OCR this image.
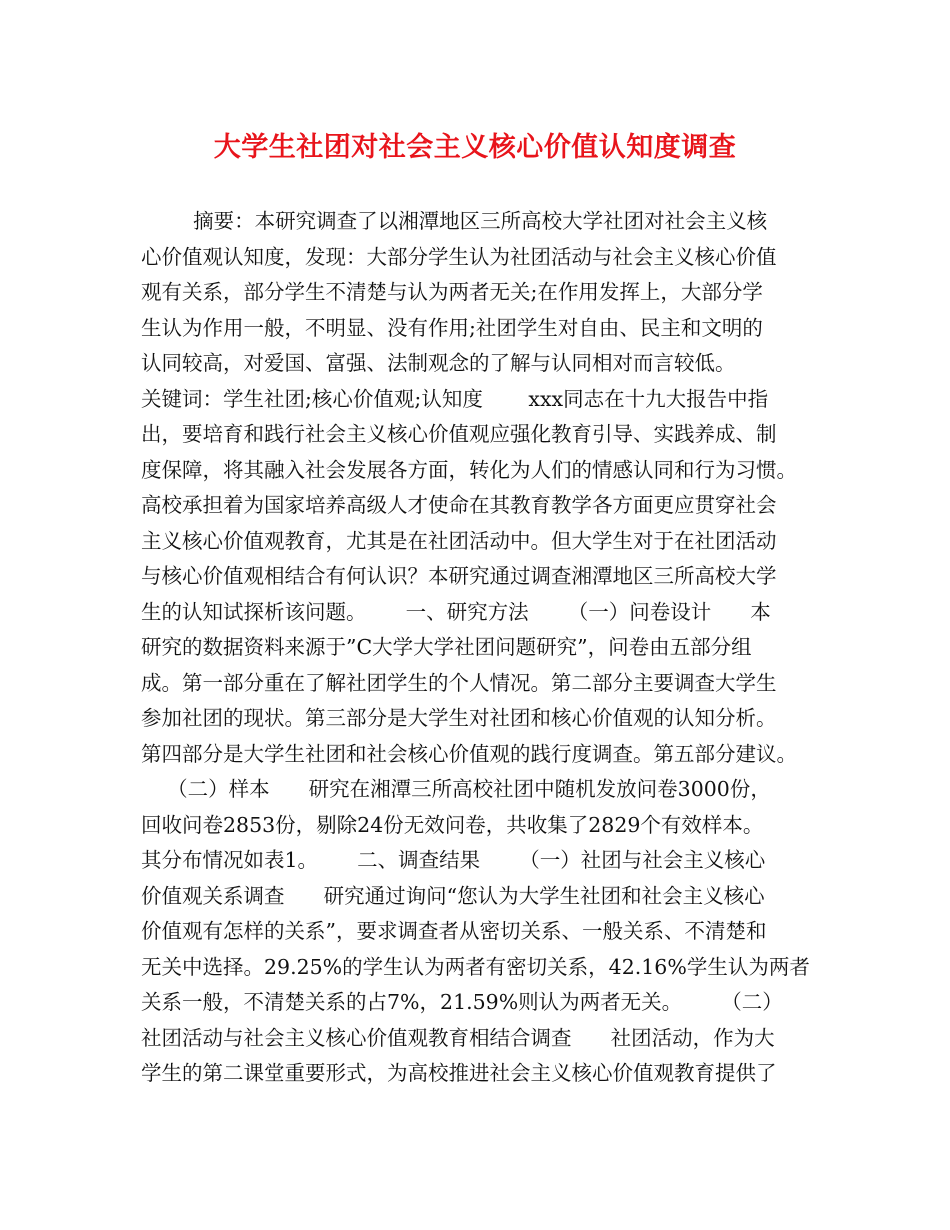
大学生社团对社会主义核心价值认知度调查
摘要：本研究调查了以湘潭地区三所高校大学社团对社会主义核
心价值观认知度，发现：大部分学生认为社团活动与社会主义核心价值
观有关系，部分学生不清楚与认为两者无关;在作用发挥上，大部分学
生认为作用一般，不明显、没有作用;社团学生对自由、民主和文明的
认同较高，对爱国、富强、法制观念的了解与认同相对而言较低。
关键词：学生社团;核心价值观;认知度       xxx同志在十九大报告中指
出，要培育和践行社会主义核心价值观应强化教育引导、实践养成、制
度保障，将其融入社会发展各方面，转化为人们的情感认同和行为习惯。
高校承担着为国家培养高级人才使命在其教育教学各方面更应贯穿社会
主义核心价值观教育，尤其是在社团活动中。但大学生对于在社团活动
与核心价值观相结合有何认识？本研究通过调查湘潭地区三所高校大学
生的认知试探析该问题。      一、研究方法      （一）问卷设计      本
研究的数据资料来源于”C大学大学社团问题研究”，问卷由五部分组
成。第一部分重在了解社团学生的个人情况。第二部分主要调查大学生
参加社团的现状。第三部分是大学生对社团和核心价值观的认知分析。
第四部分是大学生社团和社会核心价值观的践行度调查。第五部分建议。
（二）样本      研究在湘潭三所高校社团中随机发放问卷3000份，
回收问卷2853份，剔除24份无效问卷，共收集了2829个有效样本。
其分布情况如表1。      二、调查结果      （一）社团与社会主义核心
价值观关系调查      研究通过询问“您认为大学生社团和社会主义核心
价值观有怎样的关系”，要求调查者从密切关系、一般关系、不清楚和
无关中选择。29.25%的学生认为两者有密切关系，42.16%学生认为两者
关系一般，不清楚关系的占7%，21.59%则认为两者无关。      （二）
社团活动与社会主义核心价值观教育相结合调查      社团活动，作为大
学生的第二课堂重要形式，为高校推进社会主义核心价值观教育提供了
